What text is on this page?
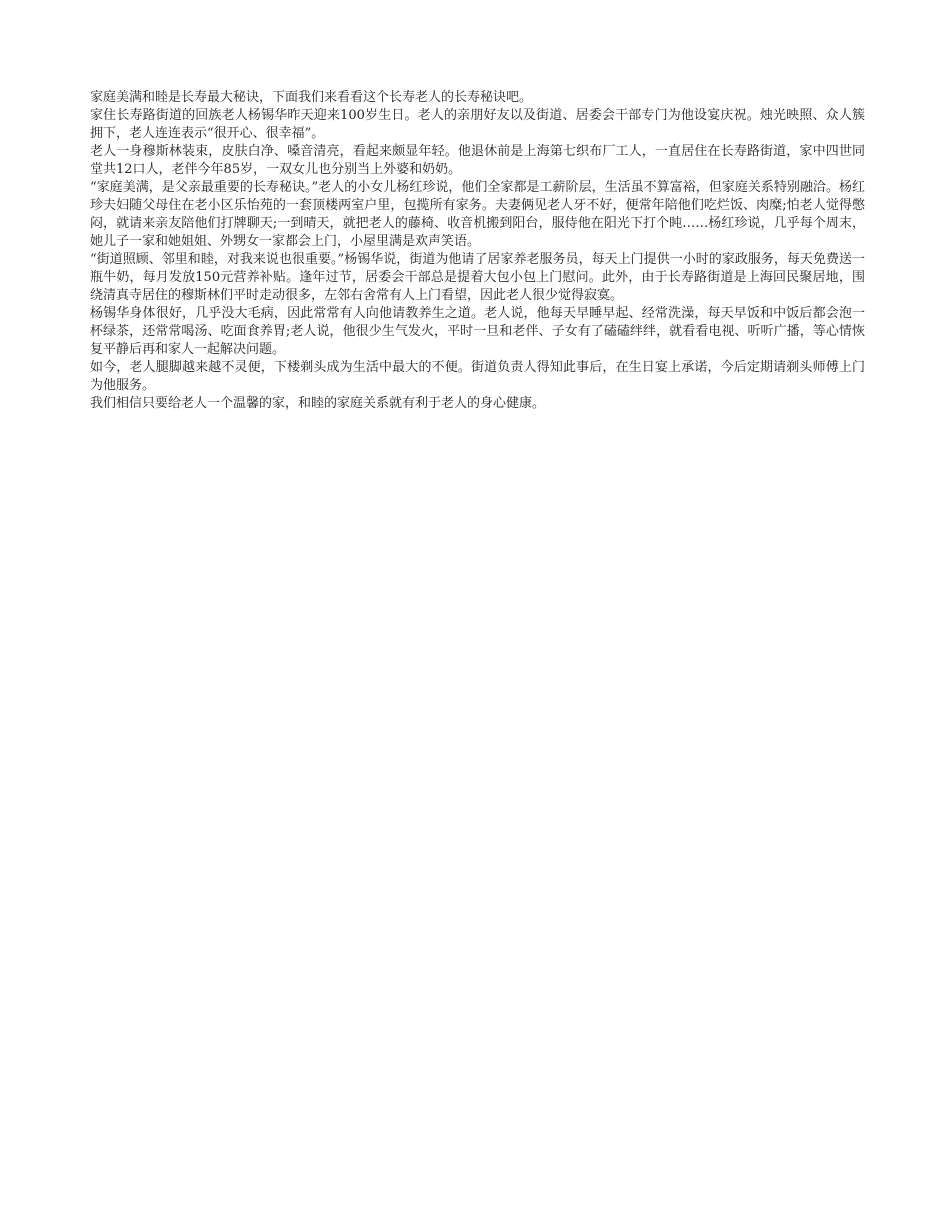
家庭美满和睦是长寿最大秘诀，下面我们来看看这个长寿老人的长寿秘诀吧。

家住长寿路街道的回族老人杨锡华昨天迎来100岁生日。老人的亲朋好友以及街道、居委会干部专门为他设宴庆祝。烛光映照、众人簇拥下，老人连连表示“很开心、很幸福”。

老人一身穆斯林装束，皮肤白净、嗓音清亮，看起来颇显年轻。他退休前是上海第七织布厂工人，一直居住在长寿路街道，家中四世同堂共12口人，老伴今年85岁，一双女儿也分别当上外婆和奶奶。

“家庭美满，是父亲最重要的长寿秘诀。”老人的小女儿杨红珍说，他们全家都是工薪阶层，生活虽不算富裕，但家庭关系特别融洽。杨红珍夫妇随父母住在老小区乐怡苑的一套顶楼两室户里，包揽所有家务。夫妻俩见老人牙不好，便常年陪他们吃烂饭、肉糜;怕老人觉得憋闷，就请来亲友陪他们打牌聊天;一到晴天，就把老人的藤椅、收音机搬到阳台，服侍他在阳光下打个盹……杨红珍说，几乎每个周末，她儿子一家和她姐姐、外甥女一家都会上门，小屋里满是欢声笑语。

“街道照顾、邻里和睦，对我来说也很重要。”杨锡华说，街道为他请了居家养老服务员，每天上门提供一小时的家政服务，每天免费送一瓶牛奶，每月发放150元营养补贴。逢年过节，居委会干部总是提着大包小包上门慰问。此外，由于长寿路街道是上海回民聚居地，围绕清真寺居住的穆斯林们平时走动很多，左邻右舍常有人上门看望，因此老人很少觉得寂寞。

杨锡华身体很好，几乎没大毛病，因此常常有人向他请教养生之道。老人说，他每天早睡早起、经常洗澡，每天早饭和中饭后都会泡一杯绿茶，还常常喝汤、吃面食养胃;老人说，他很少生气发火，平时一旦和老伴、子女有了磕磕绊绊，就看看电视、听听广播，等心情恢复平静后再和家人一起解决问题。

如今，老人腿脚越来越不灵便，下楼剃头成为生活中最大的不便。街道负责人得知此事后，在生日宴上承诺，今后定期请剃头师傅上门为他服务。

我们相信只要给老人一个温馨的家，和睦的家庭关系就有利于老人的身心健康。
